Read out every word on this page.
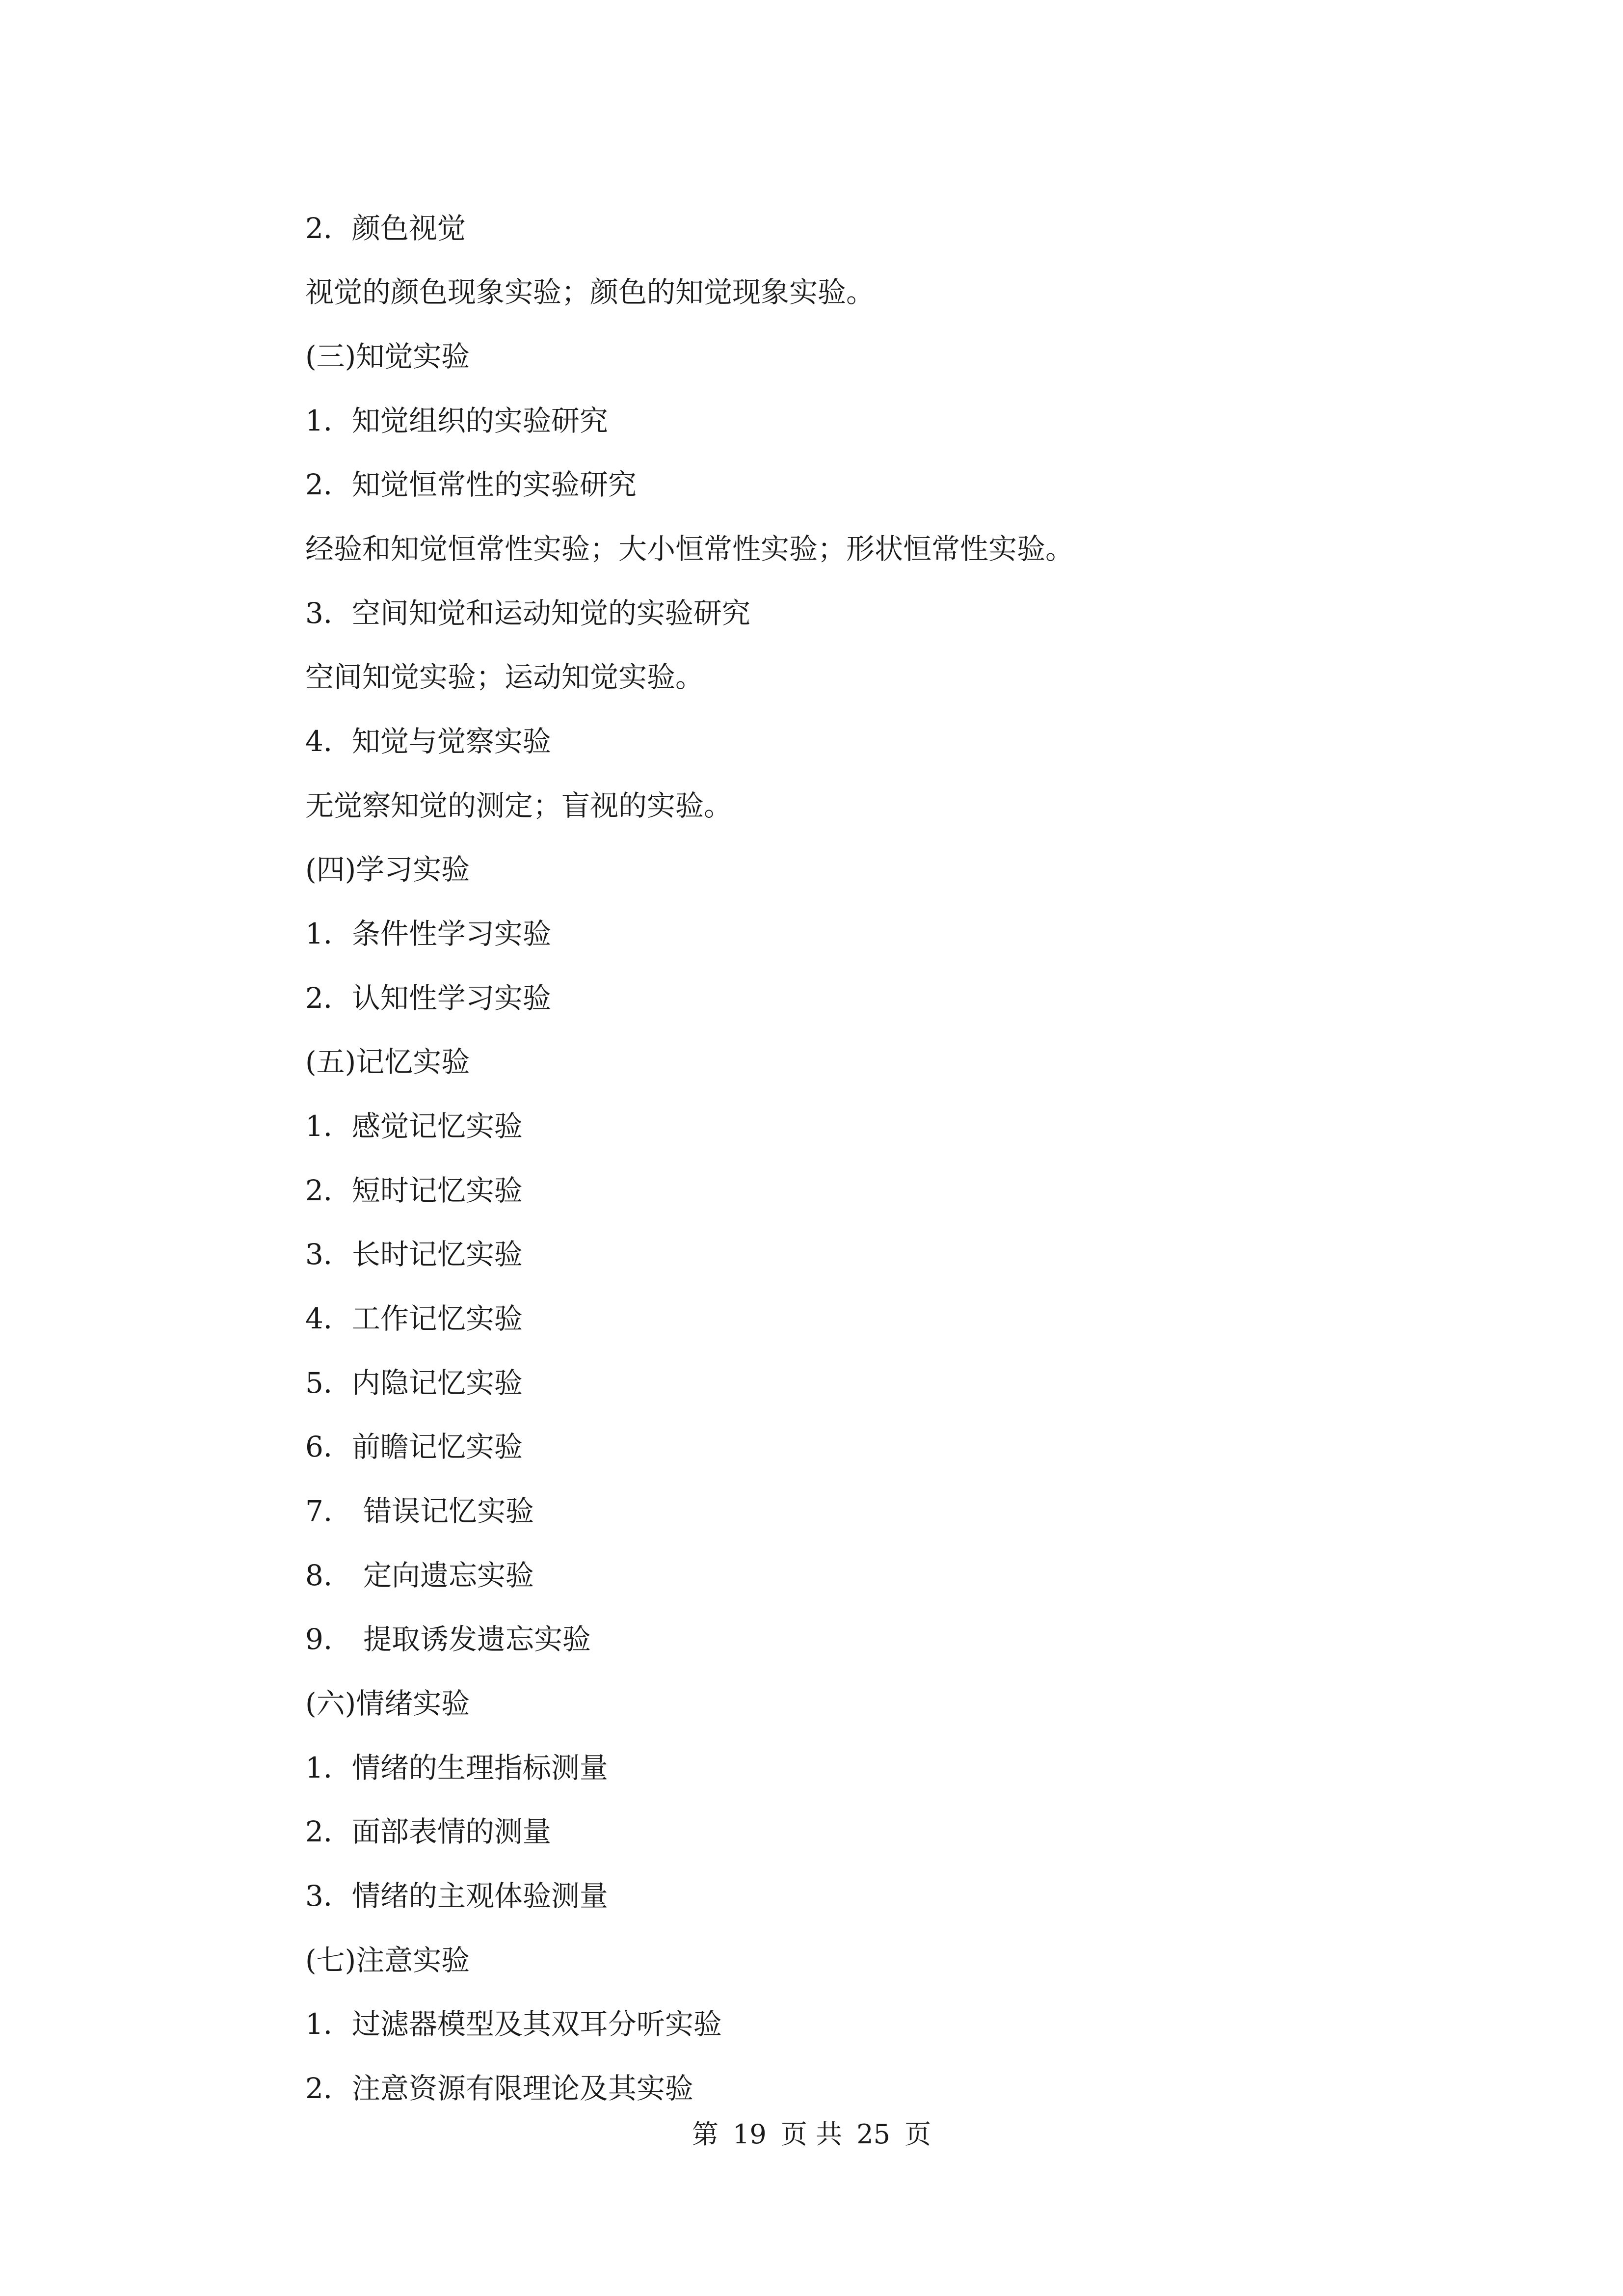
2．颜色视觉
视觉的颜色现象实验；颜色的知觉现象实验。
(三)知觉实验
1．知觉组织的实验研究
2．知觉恒常性的实验研究
经验和知觉恒常性实验；大小恒常性实验；形状恒常性实验。
3．空间知觉和运动知觉的实验研究
空间知觉实验；运动知觉实验。
4．知觉与觉察实验
无觉察知觉的测定；盲视的实验。
(四)学习实验
1．条件性学习实验
2．认知性学习实验
(五)记忆实验
1．感觉记忆实验
2．短时记忆实验
3．长时记忆实验
4．工作记忆实验
5．内隐记忆实验
6．前瞻记忆实验
7. 错误记忆实验
8. 定向遗忘实验
9. 提取诱发遗忘实验
(六)情绪实验
1．情绪的生理指标测量
2．面部表情的测量
3．情绪的主观体验测量
(七)注意实验
1．过滤器模型及其双耳分听实验
2．注意资源有限理论及其实验
第 19 页 共 25 页
